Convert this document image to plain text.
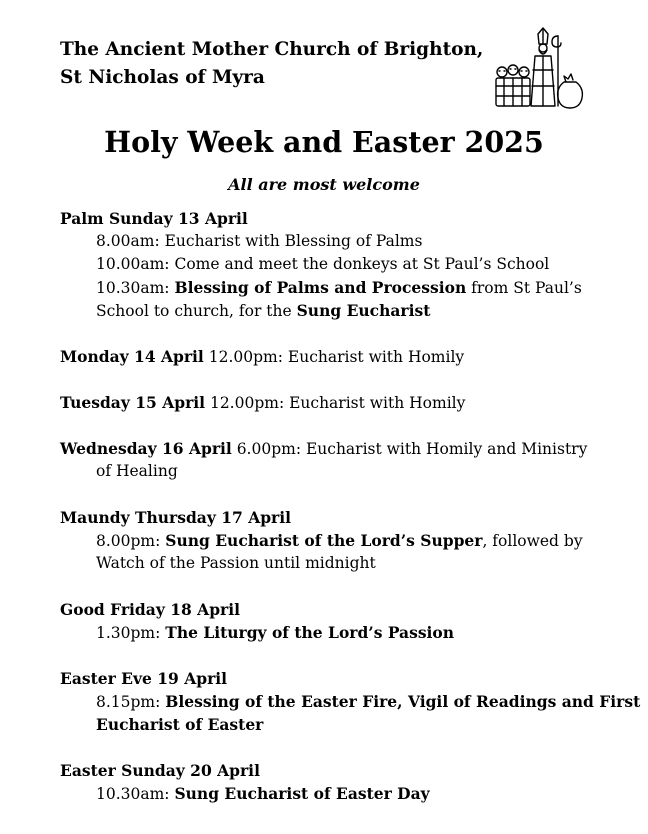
The Ancient Mother Church of Brighton,
St Nicholas of Myra
Holy Week and Easter 2025
All are most welcome
Palm Sunday 13 April
8.00am: Eucharist with Blessing of Palms
10.00am: Come and meet the donkeys at St Paul’s School
10.30am: Blessing of Palms and Procession from St Paul’s
School to church, for the Sung Eucharist
Monday 14 April 12.00pm: Eucharist with Homily
Tuesday 15 April 12.00pm: Eucharist with Homily
Wednesday 16 April 6.00pm: Eucharist with Homily and Ministry
of Healing
Maundy Thursday 17 April
8.00pm: Sung Eucharist of the Lord’s Supper, followed by
Watch of the Passion until midnight
Good Friday 18 April
1.30pm: The Liturgy of the Lord’s Passion
Easter Eve 19 April
8.15pm: Blessing of the Easter Fire, Vigil of Readings and First
Eucharist of Easter
Easter Sunday 20 April
10.30am: Sung Eucharist of Easter Day
